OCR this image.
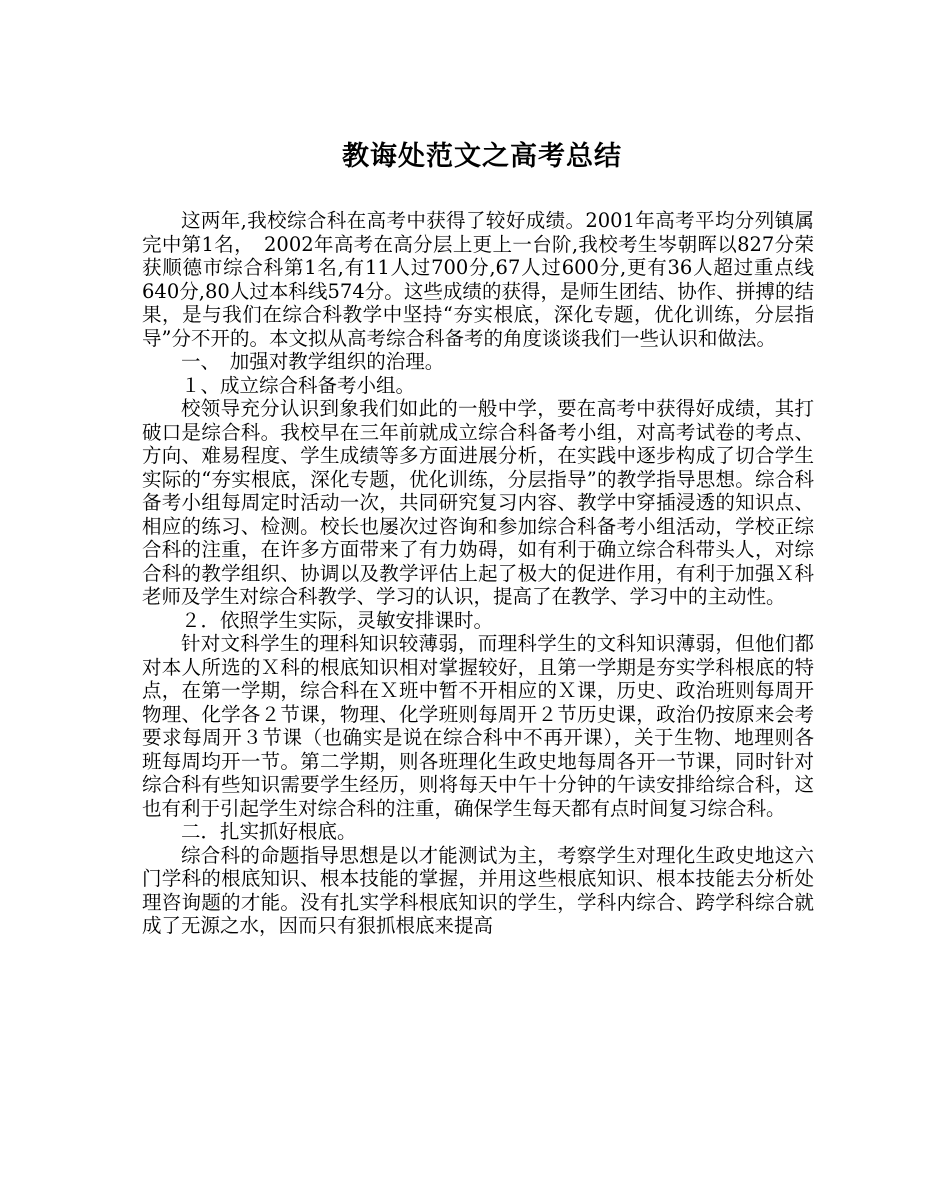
教诲处范文之高考总结

这两年,我校综合科在高考中获得了较好成绩。2001年高考平均分列镇属完中第1名，　2002年高考在高分层上更上一台阶,我校考生岑朝晖以827分荣获顺德市综合科第1名,有11人过700分,67人过600分,更有36人超过重点线640分,80人过本科线574分。这些成绩的获得，是师生团结、协作、拼搏的结果，是与我们在综合科教学中坚持“夯实根底，深化专题，优化训练，分层指导”分不开的。本文拟从高考综合科备考的角度谈谈我们一些认识和做法。

一、　加强对教学组织的治理。

１、成立综合科备考小组。

校领导充分认识到象我们如此的一般中学，要在高考中获得好成绩，其打破口是综合科。我校早在三年前就成立综合科备考小组，对高考试卷的考点、方向、难易程度、学生成绩等多方面进展分析，在实践中逐步构成了切合学生实际的“夯实根底，深化专题，优化训练，分层指导”的教学指导思想。综合科备考小组每周定时活动一次，共同研究复习内容、教学中穿插浸透的知识点、相应的练习、检测。校长也屡次过咨询和参加综合科备考小组活动，学校正综合科的注重，在许多方面带来了有力妫碍，如有利于确立综合科带头人，对综合科的教学组织、协调以及教学评估上起了极大的促进作用，有利于加强Ｘ科老师及学生对综合科教学、学习的认识，提高了在教学、学习中的主动性。

２．依照学生实际，灵敏安排课时。

针对文科学生的理科知识较薄弱，而理科学生的文科知识薄弱，但他们都对本人所选的Ｘ科的根底知识相对掌握较好，且第一学期是夯实学科根底的特点，在第一学期，综合科在Ｘ班中暂不开相应的Ｘ课，历史、政治班则每周开物理、化学各２节课，物理、化学班则每周开２节历史课，政治仍按原来会考要求每周开３节课（也确实是说在综合科中不再开课），关于生物、地理则各班每周均开一节。第二学期，则各班理化生政史地每周各开一节课，同时针对综合科有些知识需要学生经历，则将每天中午十分钟的午读安排给综合科，这也有利于引起学生对综合科的注重，确保学生每天都有点时间复习综合科。

二．扎实抓好根底。

综合科的命题指导思想是以才能测试为主，考察学生对理化生政史地这六门学科的根底知识、根本技能的掌握，并用这些根底知识、根本技能去分析处理咨询题的才能。没有扎实学科根底知识的学生，学科内综合、跨学科综合就成了无源之水，因而只有狠抓根底来提高
